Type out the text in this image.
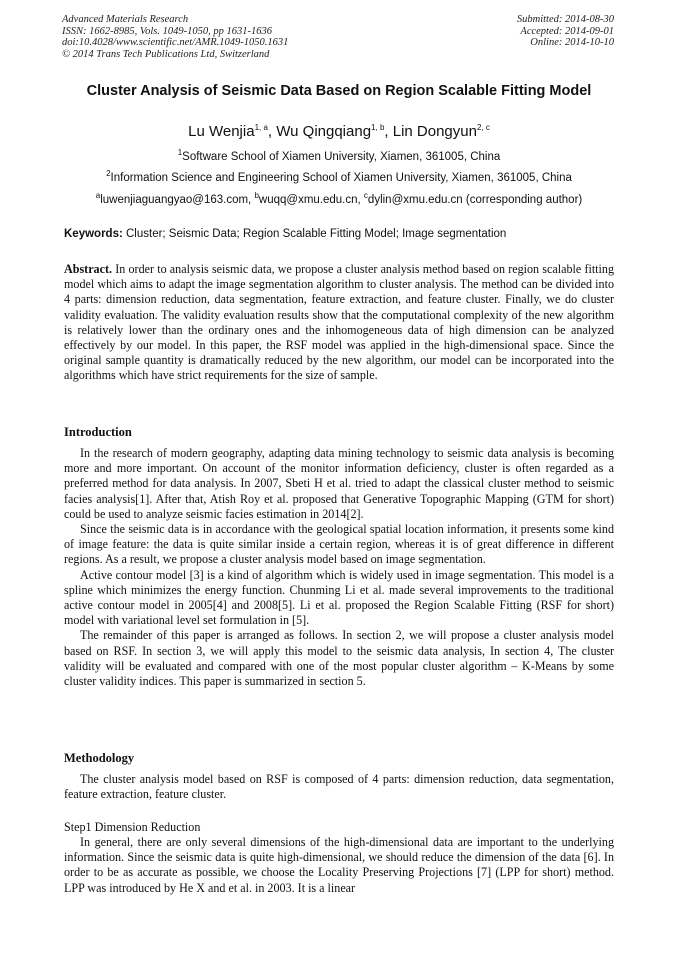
Advanced Materials Research
ISSN: 1662-8985, Vols. 1049-1050, pp 1631-1636
doi:10.4028/www.scientific.net/AMR.1049-1050.1631
© 2014 Trans Tech Publications Ltd, Switzerland
Submitted: 2014-08-30
Accepted: 2014-09-01
Online: 2014-10-10
Cluster Analysis of Seismic Data Based on Region Scalable Fitting Model
Lu Wenjia$^{1, a}$, Wu Qingqiang$^{1, b}$, Lin Dongyun$^{2, c}$
$^1$Software School of Xiamen University, Xiamen, 361005, China
$^2$Information Science and Engineering School of Xiamen University, Xiamen, 361005, China
$^a$luwenjiaguangyao@163.com, $^b$wuqq@xmu.edu.cn, $^c$dylin@xmu.edu.cn (corresponding author)
Keywords: Cluster; Seismic Data; Region Scalable Fitting Model; Image segmentation

Abstract. In order to analysis seismic data, we propose a cluster analysis method based on region scalable fitting model which aims to adapt the image segmentation algorithm to cluster analysis. The method can be divided into 4 parts: dimension reduction, data segmentation, feature extraction, and feature cluster. Finally, we do cluster validity evaluation. The validity evaluation results show that the computational complexity of the new algorithm is relatively lower than the ordinary ones and the inhomogeneous data of high dimension can be analyzed effectively by our model. In this paper, the RSF model was applied in the high-dimensional space. Since the original sample quantity is dramatically reduced by the new algorithm, our model can be incorporated into the algorithms which have strict requirements for the size of sample.

Introduction

In the research of modern geography, adapting data mining technology to seismic data analysis is becoming more and more important. On account of the monitor information deficiency, cluster is often regarded as a preferred method for data analysis. In 2007, Sbeti H et al. tried to adapt the classical cluster method to seismic facies analysis[1]. After that, Atish Roy et al. proposed that Generative Topographic Mapping (GTM for short) could be used to analyze seismic facies estimation in 2014[2].

Since the seismic data is in accordance with the geological spatial location information, it presents some kind of image feature: the data is quite similar inside a certain region, whereas it is of great difference in different regions. As a result, we propose a cluster analysis model based on image segmentation.

Active contour model [3] is a kind of algorithm which is widely used in image segmentation. This model is a spline which minimizes the energy function. Chunming Li et al. made several improvements to the traditional active contour model in 2005[4] and 2008[5]. Li et al. proposed the Region Scalable Fitting (RSF for short) model with variational level set formulation in [5].

The remainder of this paper is arranged as follows. In section 2, we will propose a cluster analysis model based on RSF. In section 3, we will apply this model to the seismic data analysis, In section 4, The cluster validity will be evaluated and compared with one of the most popular cluster algorithm – K-Means by some cluster validity indices. This paper is summarized in section 5.

Methodology

The cluster analysis model based on RSF is composed of 4 parts: dimension reduction, data segmentation, feature extraction, feature cluster.

Step1 Dimension Reduction

In general, there are only several dimensions of the high-dimensional data are important to the underlying information. Since the seismic data is quite high-dimensional, we should reduce the dimension of the data [6]. In order to be as accurate as possible, we choose the Locality Preserving Projections [7] (LPP for short) method. LPP was introduced by He X and et al. in 2003. It is a linear
